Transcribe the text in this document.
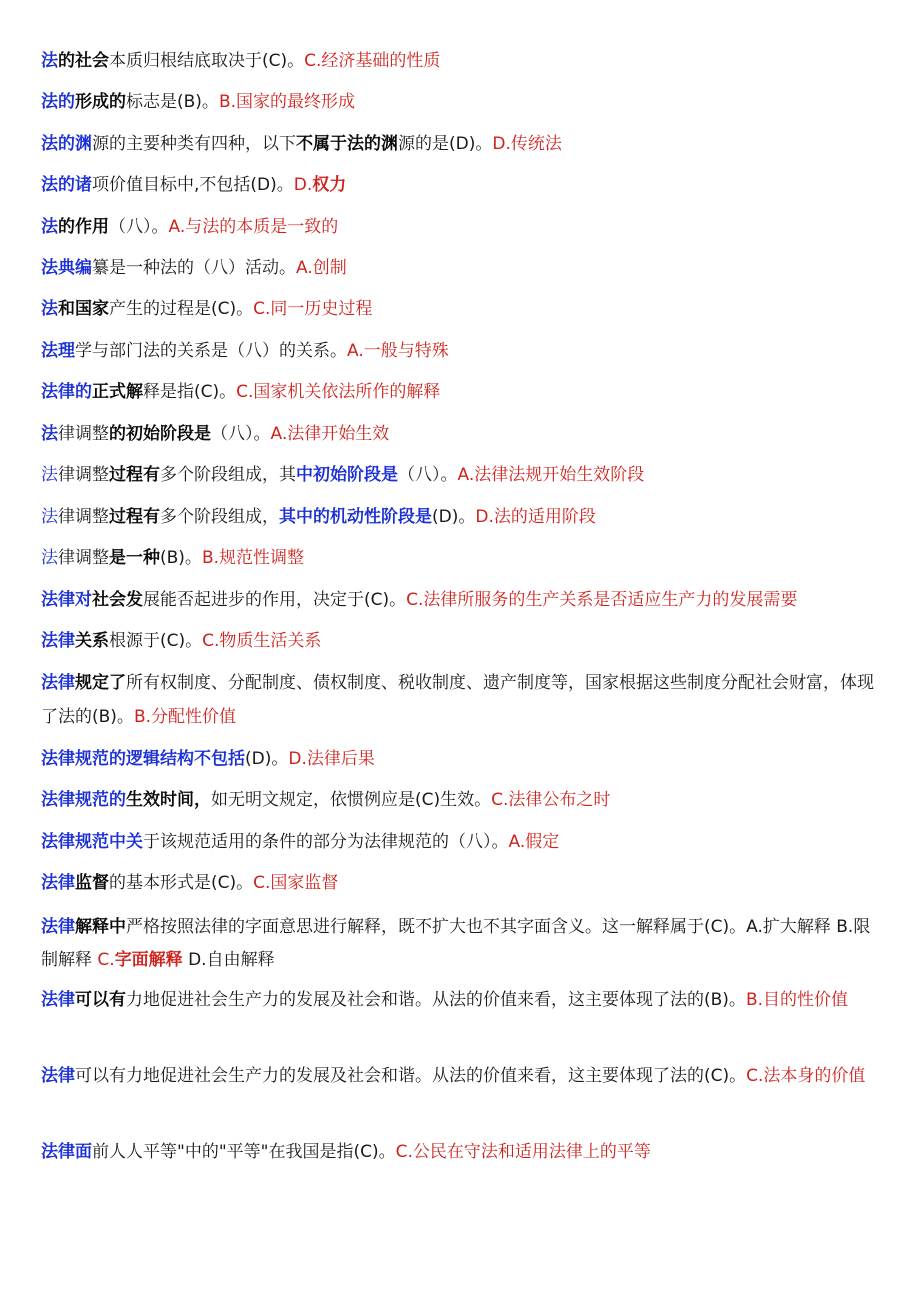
法的社会本质归根结底取决于(C)。C.经济基础的性质

法的形成的标志是(B)。B.国家的最终形成

法的渊源的主要种类有四种，以下不属于法的渊源的是(D)。D.传统法

法的诸项价值目标中,不包括(D)。D.权力

法的作用（八）。A.与法的本质是一致的

法典编纂是一种法的（八）活动。A.创制

法和国家产生的过程是(C)。C.同一历史过程

法理学与部门法的关系是（八）的关系。A.一般与特殊

法律的正式解释是指(C)。C.国家机关依法所作的解释

法律调整的初始阶段是（八）。A.法律开始生效

法律调整过程有多个阶段组成，其中初始阶段是（八）。A.法律法规开始生效阶段

法律调整过程有多个阶段组成，其中的机动性阶段是(D)。D.法的适用阶段

法律调整是一种(B)。B.规范性调整

法律对社会发展能否起进步的作用，决定于(C)。C.法律所服务的生产关系是否适应生产力的发展需要

法律关系根源于(C)。C.物质生活关系

法律规定了所有权制度、分配制度、债权制度、税收制度、遗产制度等，国家根据这些制度分配社会财富，体现了法的(B)。B.分配性价值

法律规范的逻辑结构不包括(D)。D.法律后果

法律规范的生效时间，如无明文规定，依惯例应是(C)生效。C.法律公布之时

法律规范中关于该规范适用的条件的部分为法律规范的（八）。A.假定

法律监督的基本形式是(C)。C.国家监督

法律解释中严格按照法律的字面意思进行解释，既不扩大也不其字面含义。这一解释属于(C)。A.扩大解释 B.限制解释 C.字面解释 D.自由解释

法律可以有力地促进社会生产力的发展及社会和谐。从法的价值来看，这主要体现了法的(B)。B.目的性价值

法律可以有力地促进社会生产力的发展及社会和谐。从法的价值来看，这主要体现了法的(C)。C.法本身的价值

法律面前人人平等"中的"平等"在我国是指(C)。C.公民在守法和适用法律上的平等
